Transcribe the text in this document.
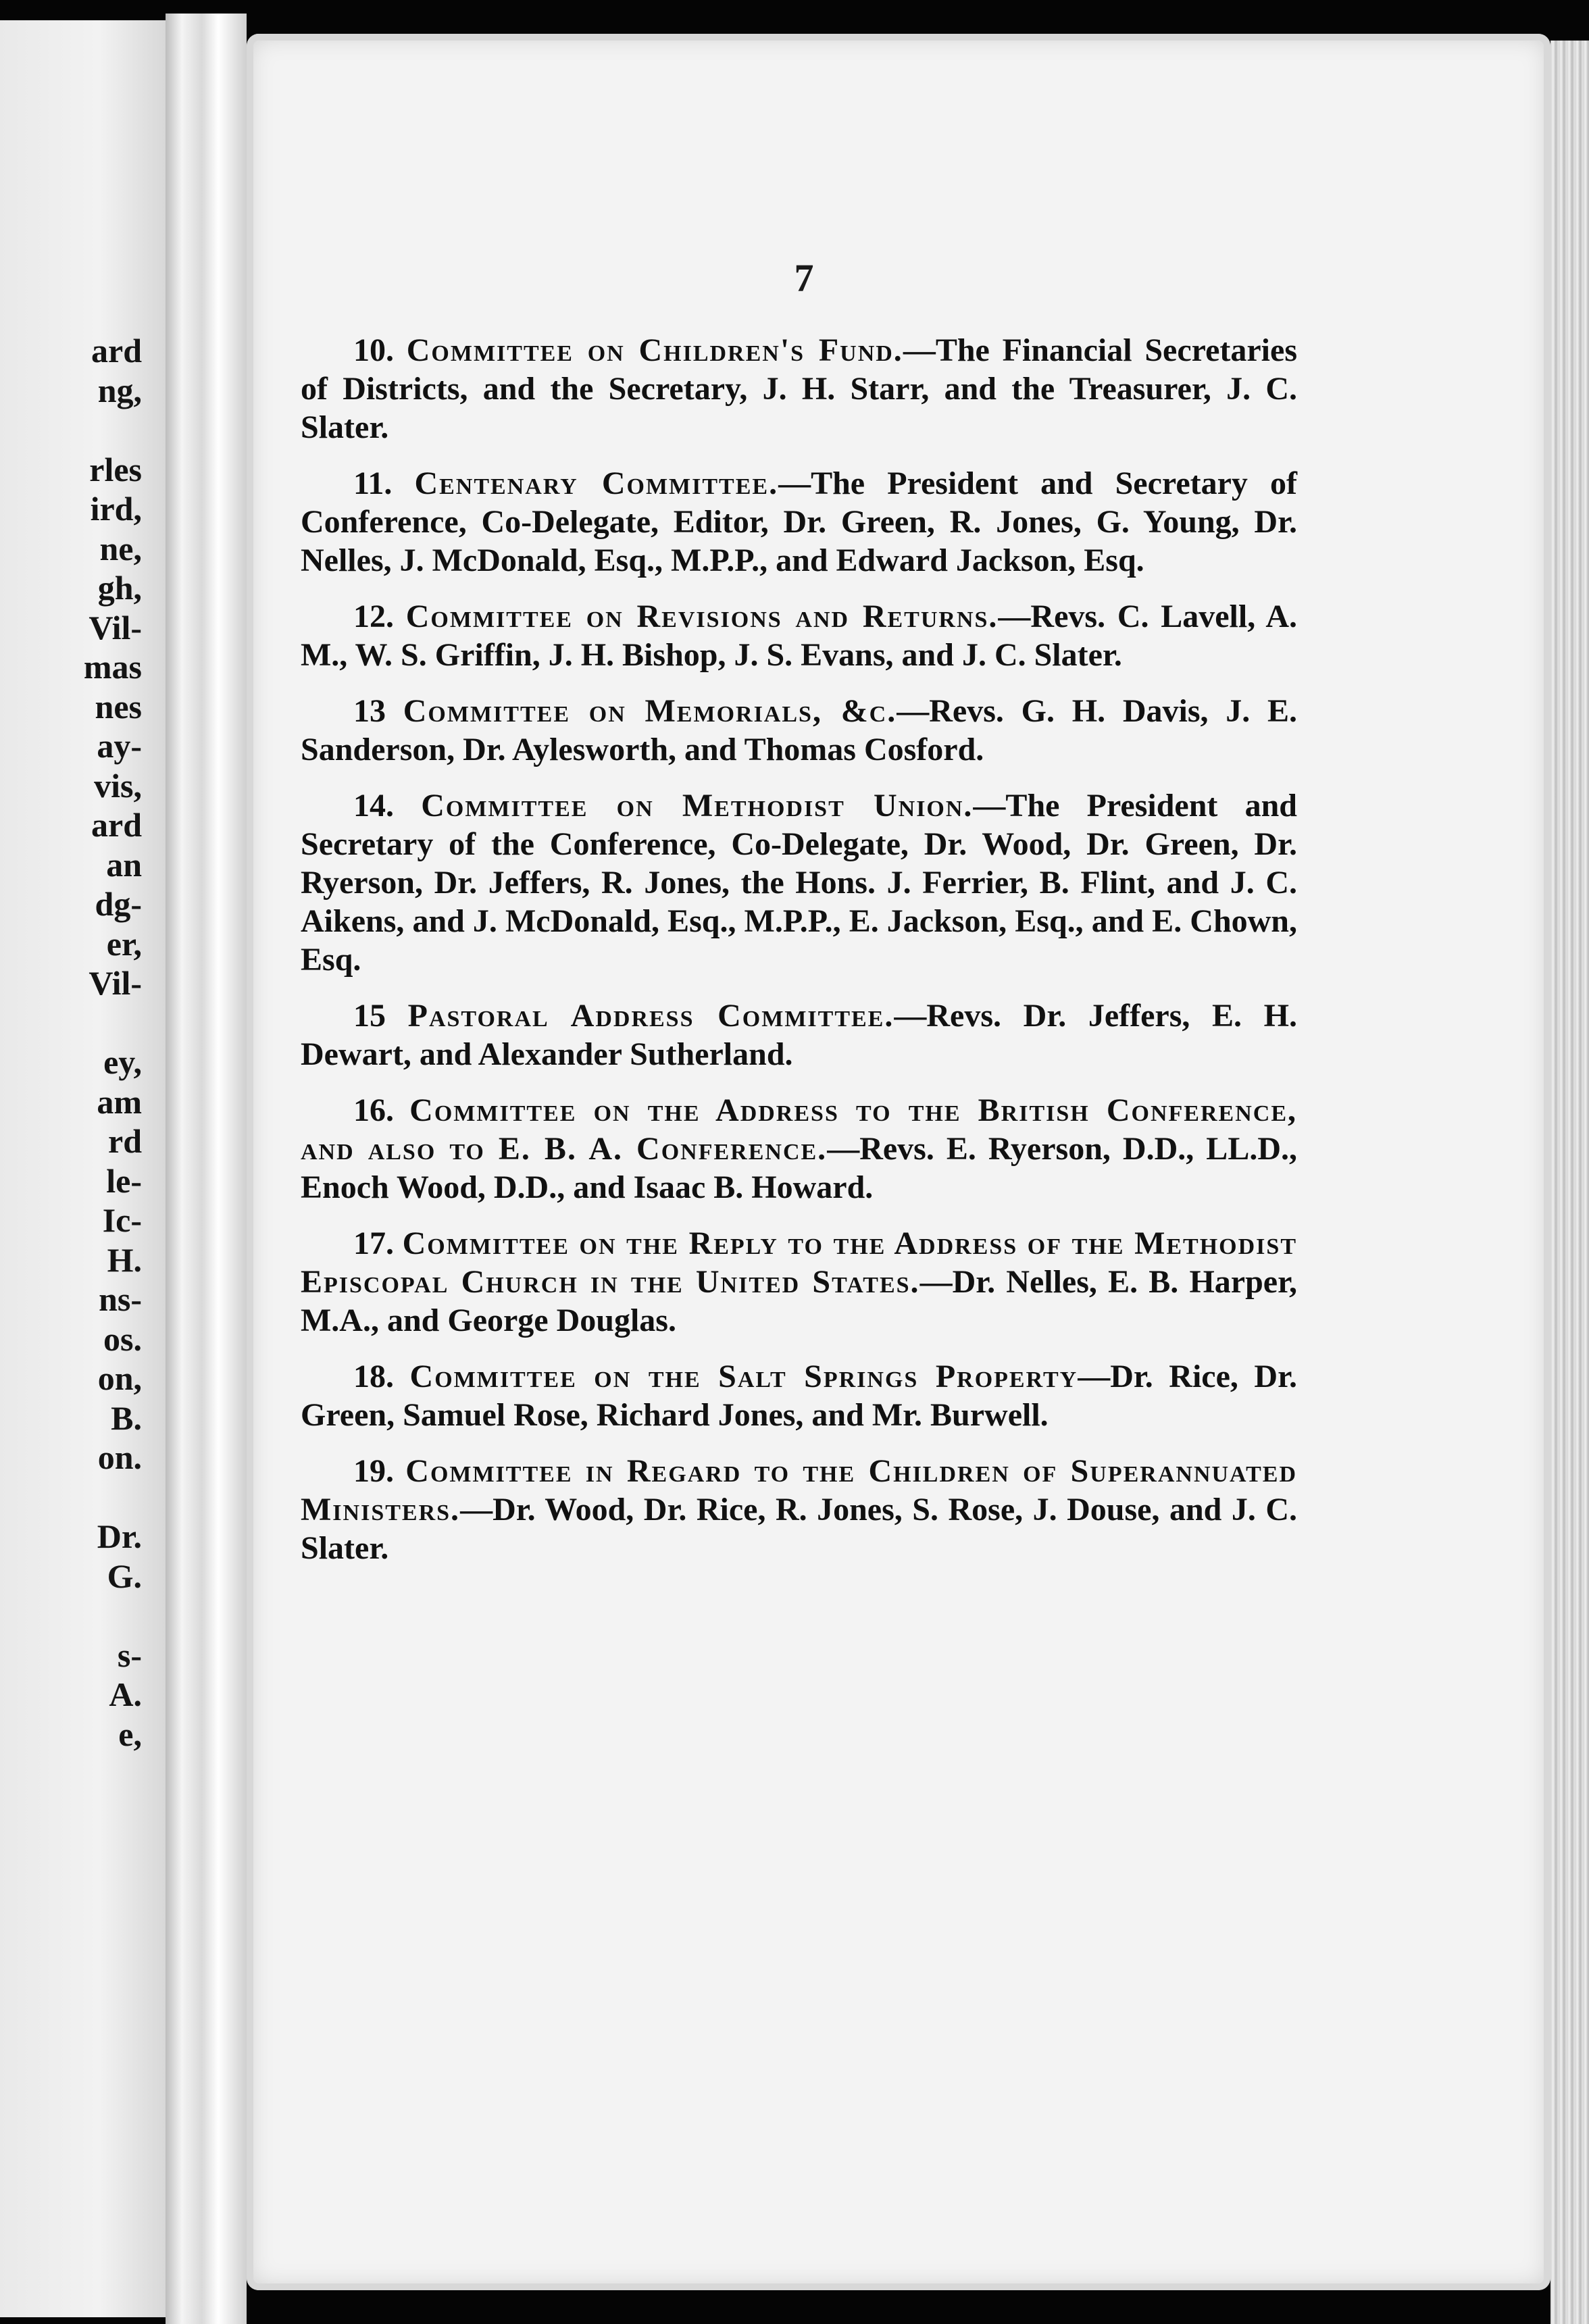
ard
ng,
rles
ird,
ne,
gh,
Vil-
mas
nes
ay-
vis,
ard
an
dg-
er,
Vil-
ey,
am
rd
le-
Ic-
H.
ns-
os.
on,
B.
on.
Dr.
G.
s-
A.
e,
7

10. Committee on Children's Fund.—The Financial Secretaries of Districts, and the Secretary, J. H. Starr, and the Treasurer, J. C. Slater.

11. Centenary Committee.—The President and Secretary of Conference, Co-Delegate, Editor, Dr. Green, R. Jones, G. Young, Dr. Nelles, J. McDonald, Esq., M.P.P., and Edward Jackson, Esq.

12. Committee on Revisions and Returns.—Revs. C. Lavell, A. M., W. S. Griffin, J. H. Bishop, J. S. Evans, and J. C. Slater.

13 Committee on Memorials, &c.—Revs. G. H. Davis, J. E. Sanderson, Dr. Aylesworth, and Thomas Cosford.

14. Committee on Methodist Union.—The President and Secretary of the Conference, Co-Delegate, Dr. Wood, Dr. Green, Dr. Ryerson, Dr. Jeffers, R. Jones, the Hons. J. Ferrier, B. Flint, and J. C. Aikens, and J. McDonald, Esq., M.P.P., E. Jackson, Esq., and E. Chown, Esq.

15 Pastoral Address Committee.—Revs. Dr. Jeffers, E. H. Dewart, and Alexander Sutherland.

16. Committee on the Address to the British Conference, and also to E. B. A. Conference.—Revs. E. Ryerson, D.D., LL.D., Enoch Wood, D.D., and Isaac B. Howard.

17. Committee on the Reply to the Address of the Methodist Episcopal Church in the United States.—Dr. Nelles, E. B. Harper, M.A., and George Douglas.

18. Committee on the Salt Springs Property—Dr. Rice, Dr. Green, Samuel Rose, Richard Jones, and Mr. Burwell.

19. Committee in Regard to the Children of Superannuated Ministers.—Dr. Wood, Dr. Rice, R. Jones, S. Rose, J. Douse, and J. C. Slater.
